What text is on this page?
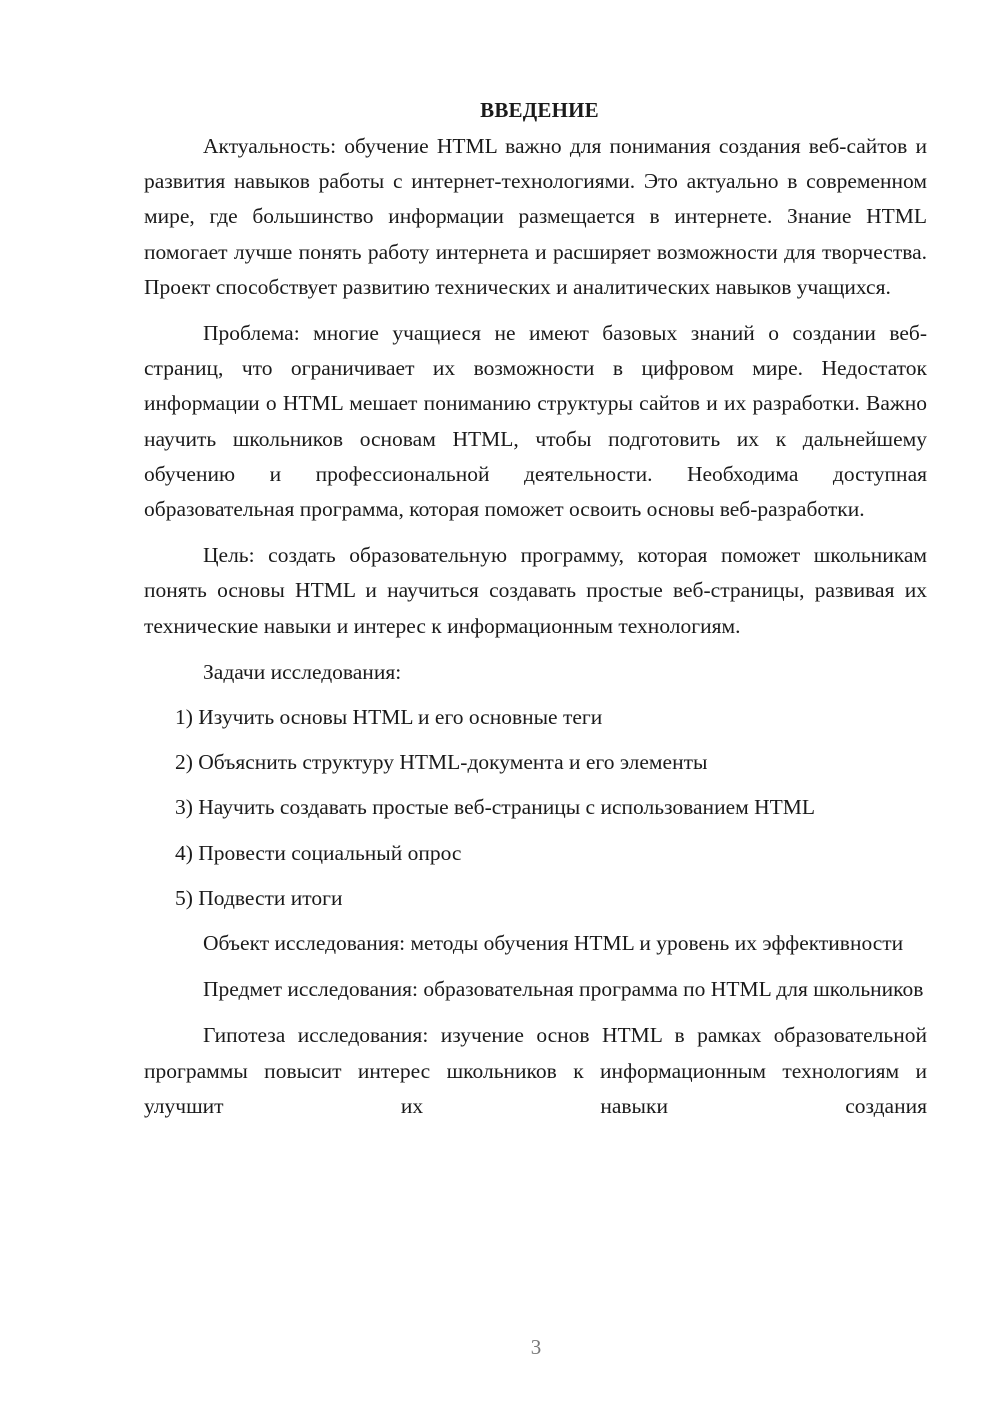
ВВЕДЕНИЕ

Актуальность: обучение HTML важно для понимания создания веб-сайтов и развития навыков работы с интернет-технологиями. Это актуально в современном мире, где большинство информации размещается в интернете. Знание HTML помогает лучше понять работу интернета и расширяет возможности для творчества. Проект способствует развитию технических и аналитических навыков учащихся.

Проблема: многие учащиеся не имеют базовых знаний о создании веб-страниц, что ограничивает их возможности в цифровом мире. Недостаток информации о HTML мешает пониманию структуры сайтов и их разработки. Важно научить школьников основам HTML, чтобы подготовить их к дальнейшему обучению и профессиональной деятельности. Необходима доступная образовательная программа, которая поможет освоить основы веб-разработки.

Цель: создать образовательную программу, которая поможет школьникам понять основы HTML и научиться создавать простые веб-страницы, развивая их технические навыки и интерес к информационным технологиям.

Задачи исследования:

1) Изучить основы HTML и его основные теги
2) Объяснить структуру HTML-документа и его элементы
3) Научить создавать простые веб-страницы с использованием HTML
4) Провести социальный опрос
5) Подвести итоги

Объект исследования: методы обучения HTML и уровень их эффективности

Предмет исследования: образовательная программа по HTML для школьников

Гипотеза исследования: изучение основ HTML в рамках образовательной программы повысит интерес школьников к информационным технологиям и улучшит их навыки создания

3
